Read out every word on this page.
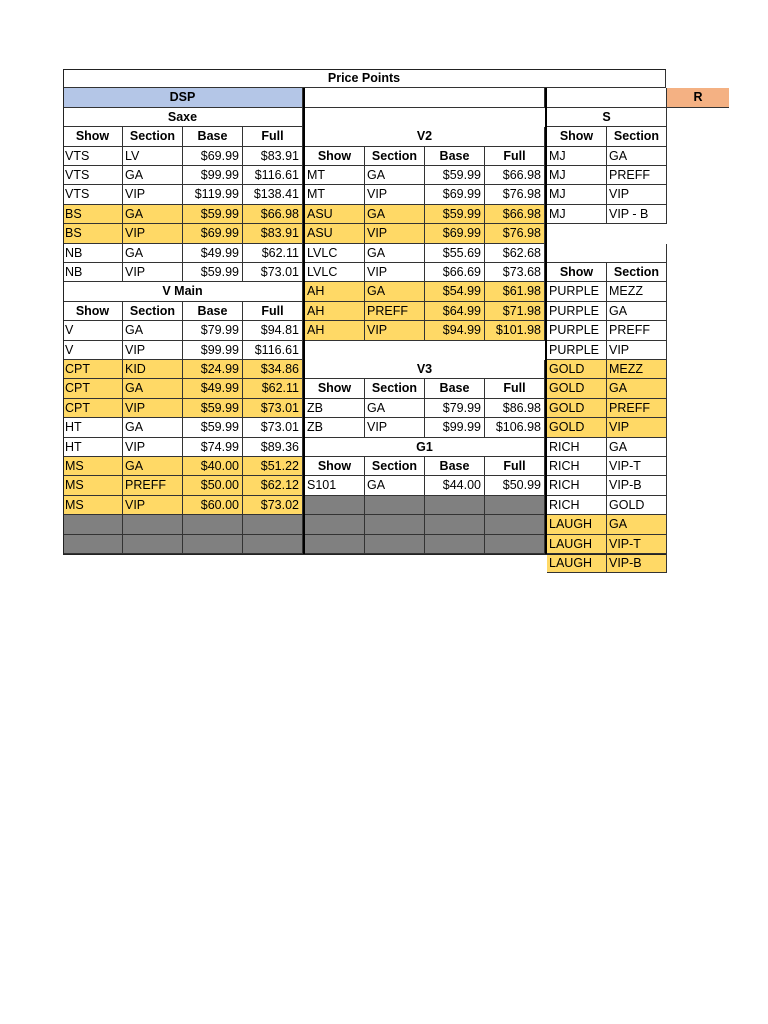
Price Points
DSP	R
Saxe
Show	Section	Base	Full
VTS	LV	$69.99	$83.91
VTS	GA	$99.99	$116.61
VTS	VIP	$119.99	$138.41
BS	GA	$59.99	$66.98
BS	VIP	$69.99	$83.91
NB	GA	$49.99	$62.11
NB	VIP	$59.99	$73.01
V Main
Show	Section	Base	Full
V	GA	$79.99	$94.81
V	VIP	$99.99	$116.61
CPT	KID	$24.99	$34.86
CPT	GA	$49.99	$62.11
CPT	VIP	$59.99	$73.01
HT	GA	$59.99	$73.01
HT	VIP	$74.99	$89.36
MS	GA	$40.00	$51.22
MS	PREFF	$50.00	$62.12
MS	VIP	$60.00	$73.02
V2
Show	Section	Base	Full
MT	GA	$59.99	$66.98
MT	VIP	$69.99	$76.98
ASU	GA	$59.99	$66.98
ASU	VIP	$69.99	$76.98
LVLC	GA	$55.69	$62.68
LVLC	VIP	$66.69	$73.68
AH	GA	$54.99	$61.98
AH	PREFF	$64.99	$71.98
AH	VIP	$94.99	$101.98
V3
Show	Section	Base	Full
ZB	GA	$79.99	$86.98
ZB	VIP	$99.99	$106.98
G1
Show	Section	Base	Full
S101	GA	$44.00	$50.99
S
Show	Section
MJ	GA
MJ	PREFF
MJ	VIP
MJ	VIP - B
Show	Section
PURPLE MEZZ
PURPLE GA
PURPLE PREFF
PURPLE VIP
GOLD	MEZZ
GOLD	GA
GOLD	PREFF
GOLD	VIP
RICH	GA
RICH	VIP-T
RICH	VIP-B
RICH	GOLD
LAUGH	GA
LAUGH	VIP-T
LAUGH	VIP-B
